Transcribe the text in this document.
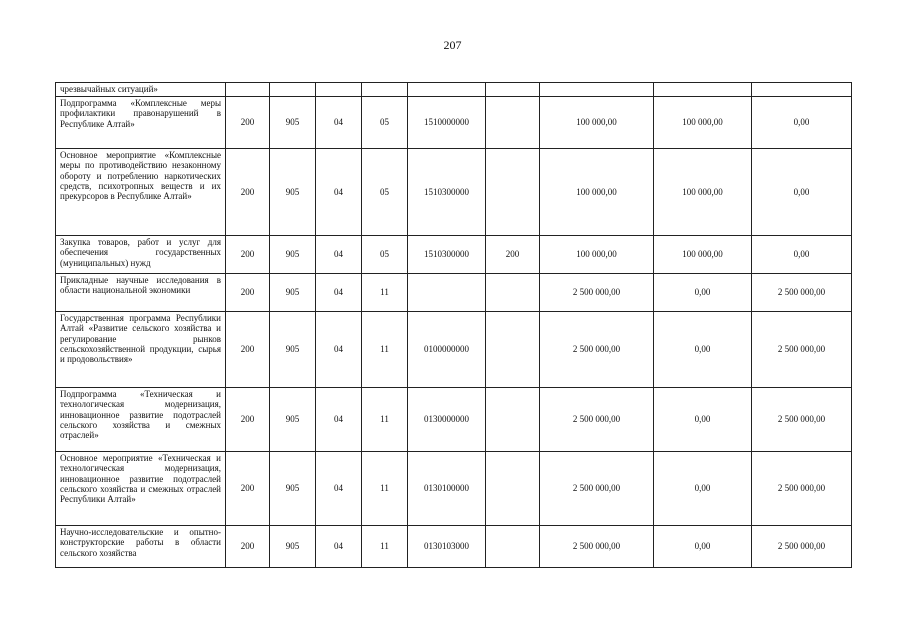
207
чрезвычайных ситуаций»									
Подпрограмма «Комплексные меры профилактики правонарушений в Республике Алтай»	200	905	04	05	1510000000		100 000,00	100 000,00	0,00
Основное мероприятие «Комплексные меры по противодействию незаконному обороту и потреблению наркотических средств, психотропных веществ и их прекурсоров в Республике Алтай»	200	905	04	05	1510300000		100 000,00	100 000,00	0,00
Закупка товаров, работ и услуг для обеспечения государственных (муниципальных) нужд	200	905	04	05	1510300000	200	100 000,00	100 000,00	0,00
Прикладные научные исследования в области национальной экономики	200	905	04	11			2 500 000,00	0,00	2 500 000,00
Государственная программа Республики Алтай «Развитие сельского хозяйства и регулирование рынков сельскохозяйственной продукции, сырья и продовольствия»	200	905	04	11	0100000000		2 500 000,00	0,00	2 500 000,00
Подпрограмма «Техническая и технологическая модернизация, инновационное развитие подотраслей сельского хозяйства и смежных отраслей»	200	905	04	11	0130000000		2 500 000,00	0,00	2 500 000,00
Основное мероприятие «Техническая и технологическая модернизация, инновационное развитие подотраслей сельского хозяйства и смежных отраслей Республики Алтай»	200	905	04	11	0130100000		2 500 000,00	0,00	2 500 000,00
Научно-исследовательские и опытно-конструкторские работы в области сельского хозяйства	200	905	04	11	0130103000		2 500 000,00	0,00	2 500 000,00
